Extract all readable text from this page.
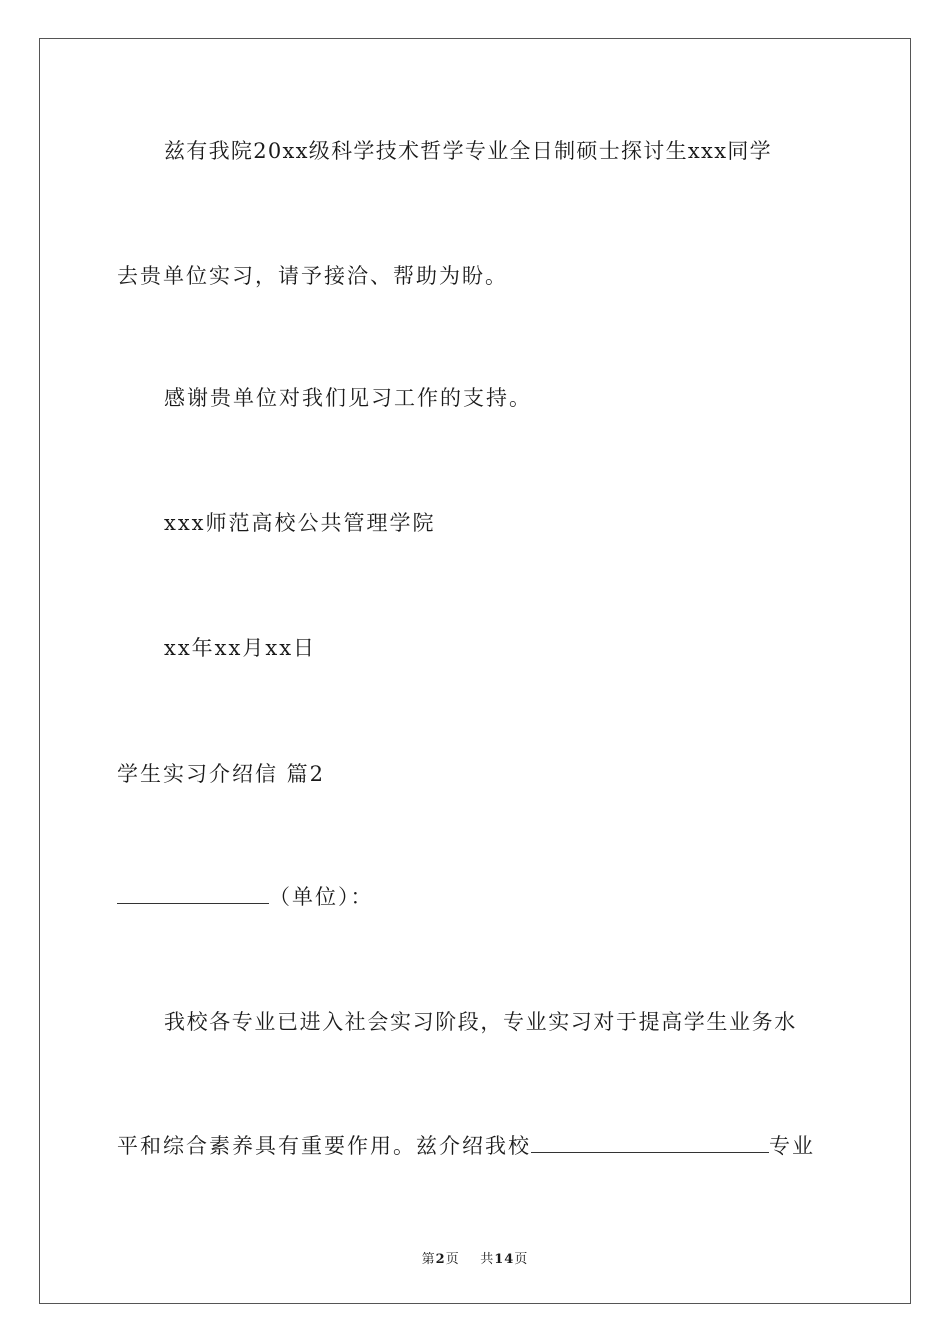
兹有我院20xx级科学技术哲学专业全日制硕士探讨生xxx同学
去贵单位实习，请予接洽、帮助为盼。
感谢贵单位对我们见习工作的支持。
xxx师范高校公共管理学院
xx年xx月xx日
学生实习介绍信 篇2
（单位）：
我校各专业已进入社会实习阶段，专业实习对于提高学生业务水
平和综合素养具有重要作用。兹介绍我校	专业
第2页 共14页
